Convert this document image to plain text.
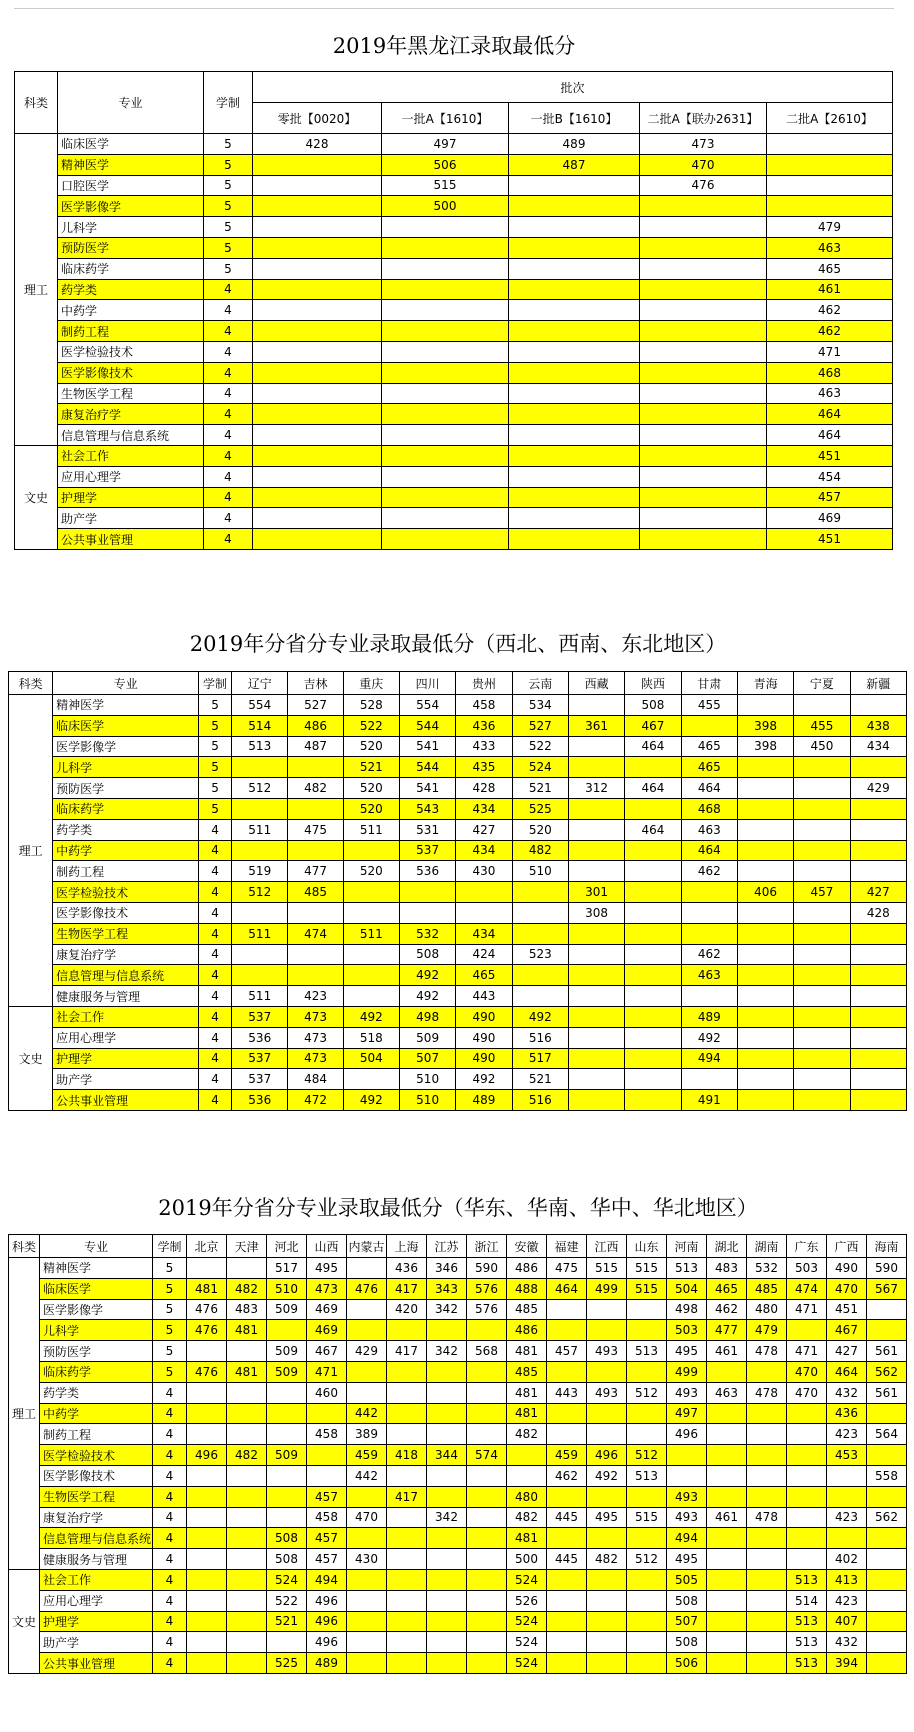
2019年黑龙江录取最低分
科类	专业	学制	批次				
			零批【0020】	一批A【1610】	一批B【1610】	二批A【联办2631】	二批A【2610】
理工	临床医学	5	428	497	489	473	
	精神医学	5		506	487	470	
	口腔医学	5		515		476	
	医学影像学	5		500			
	儿科学	5					479
	预防医学	5					463
	临床药学	5					465
	药学类	4					461
	中药学	4					462
	制药工程	4					462
	医学检验技术	4					471
	医学影像技术	4					468
	生物医学工程	4					463
	康复治疗学	4					464
	信息管理与信息系统	4					464
文史	社会工作	4					451
	应用心理学	4					454
	护理学	4					457
	助产学	4					469
	公共事业管理	4					451
2019年分省分专业录取最低分（西北、西南、东北地区）
科类	专业	学制	辽宁	吉林	重庆	四川	贵州	云南	西藏	陕西	甘肃	青海	宁夏	新疆
理工	精神医学	5	554	527	528	554	458	534		508	455			
	临床医学	5	514	486	522	544	436	527	361	467		398	455	438
	医学影像学	5	513	487	520	541	433	522		464	465	398	450	434
	儿科学	5			521	544	435	524			465			
	预防医学	5	512	482	520	541	428	521	312	464	464			429
	临床药学	5			520	543	434	525			468			
	药学类	4	511	475	511	531	427	520		464	463			
	中药学	4				537	434	482			464			
	制药工程	4	519	477	520	536	430	510			462			
	医学检验技术	4	512	485					301			406	457	427
	医学影像技术	4							308					428
	生物医学工程	4	511	474	511	532	434							
	康复治疗学	4				508	424	523			462			
	信息管理与信息系统	4				492	465				463			
	健康服务与管理	4	511	423		492	443							
文史	社会工作	4	537	473	492	498	490	492			489			
	应用心理学	4	536	473	518	509	490	516			492			
	护理学	4	537	473	504	507	490	517			494			
	助产学	4	537	484		510	492	521						
	公共事业管理	4	536	472	492	510	489	516			491			
2019年分省分专业录取最低分（华东、华南、华中、华北地区）
科类	专业	学制	北京	天津	河北	山西	内蒙古	上海	江苏	浙江	安徽	福建	江西	山东	河南	湖北	湖南	广东	广西	海南
理工	精神医学	5			517	495		436	346	590	486	475	515	515	513	483	532	503	490	590
	临床医学	5	481	482	510	473	476	417	343	576	488	464	499	515	504	465	485	474	470	567
	医学影像学	5	476	483	509	469		420	342	576	485				498	462	480	471	451	
	儿科学	5	476	481		469					486				503	477	479		467	
	预防医学	5			509	467	429	417	342	568	481	457	493	513	495	461	478	471	427	561
	临床药学	5	476	481	509	471					485				499			470	464	562
	药学类	4				460					481	443	493	512	493	463	478	470	432	561
	中药学	4					442				481				497				436	
	制药工程	4				458	389				482				496				423	564
	医学检验技术	4	496	482	509		459	418	344	574		459	496	512					453	
	医学影像技术	4					442					462	492	513						558
	生物医学工程	4				457		417			480				493					
	康复治疗学	4				458	470		342		482	445	495	515	493	461	478		423	562
	信息管理与信息系统	4			508	457					481				494					
	健康服务与管理	4			508	457	430				500	445	482	512	495				402	
文史	社会工作	4			524	494					524				505			513	413	
	应用心理学	4			522	496					526				508			514	423	
	护理学	4			521	496					524				507			513	407	
	助产学	4				496					524				508			513	432	
	公共事业管理	4			525	489					524				506			513	394	
